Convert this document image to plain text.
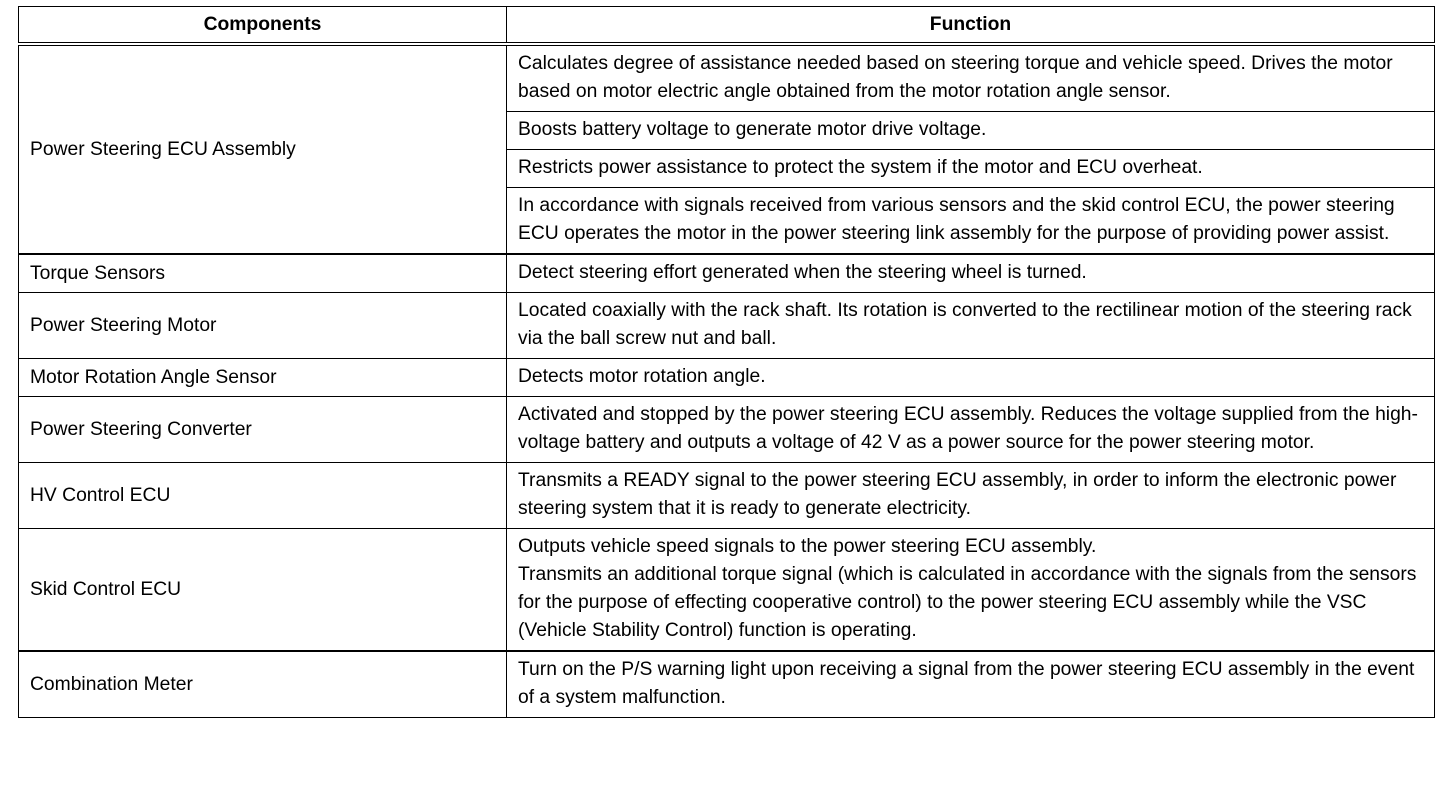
Components	Function
Power Steering ECU Assembly	Calculates degree of assistance needed based on steering torque and vehicle speed. Drives the motor based on motor electric angle obtained from the motor rotation angle sensor.
	Boosts battery voltage to generate motor drive voltage.
	Restricts power assistance to protect the system if the motor and ECU overheat.
	In accordance with signals received from various sensors and the skid control ECU, the power steering ECU operates the motor in the power steering link assembly for the purpose of providing power assist.
Torque Sensors	Detect steering effort generated when the steering wheel is turned.
Power Steering Motor	Located coaxially with the rack shaft. Its rotation is converted to the rectilinear motion of the steering rack via the ball screw nut and ball.
Motor Rotation Angle Sensor	Detects motor rotation angle.
Power Steering Converter	Activated and stopped by the power steering ECU assembly. Reduces the voltage supplied from the high-voltage battery and outputs a voltage of 42 V as a power source for the power steering motor.
HV Control ECU	Transmits a READY signal to the power steering ECU assembly, in order to inform the electronic power steering system that it is ready to generate electricity.
Skid Control ECU	Outputs vehicle speed signals to the power steering ECU assembly.
Transmits an additional torque signal (which is calculated in accordance with the signals from the sensors for the purpose of effecting cooperative control) to the power steering ECU assembly while the VSC (Vehicle Stability Control) function is operating.

Combination Meter	Turn on the P/S warning light upon receiving a signal from the power steering ECU assembly in the event of a system malfunction.
